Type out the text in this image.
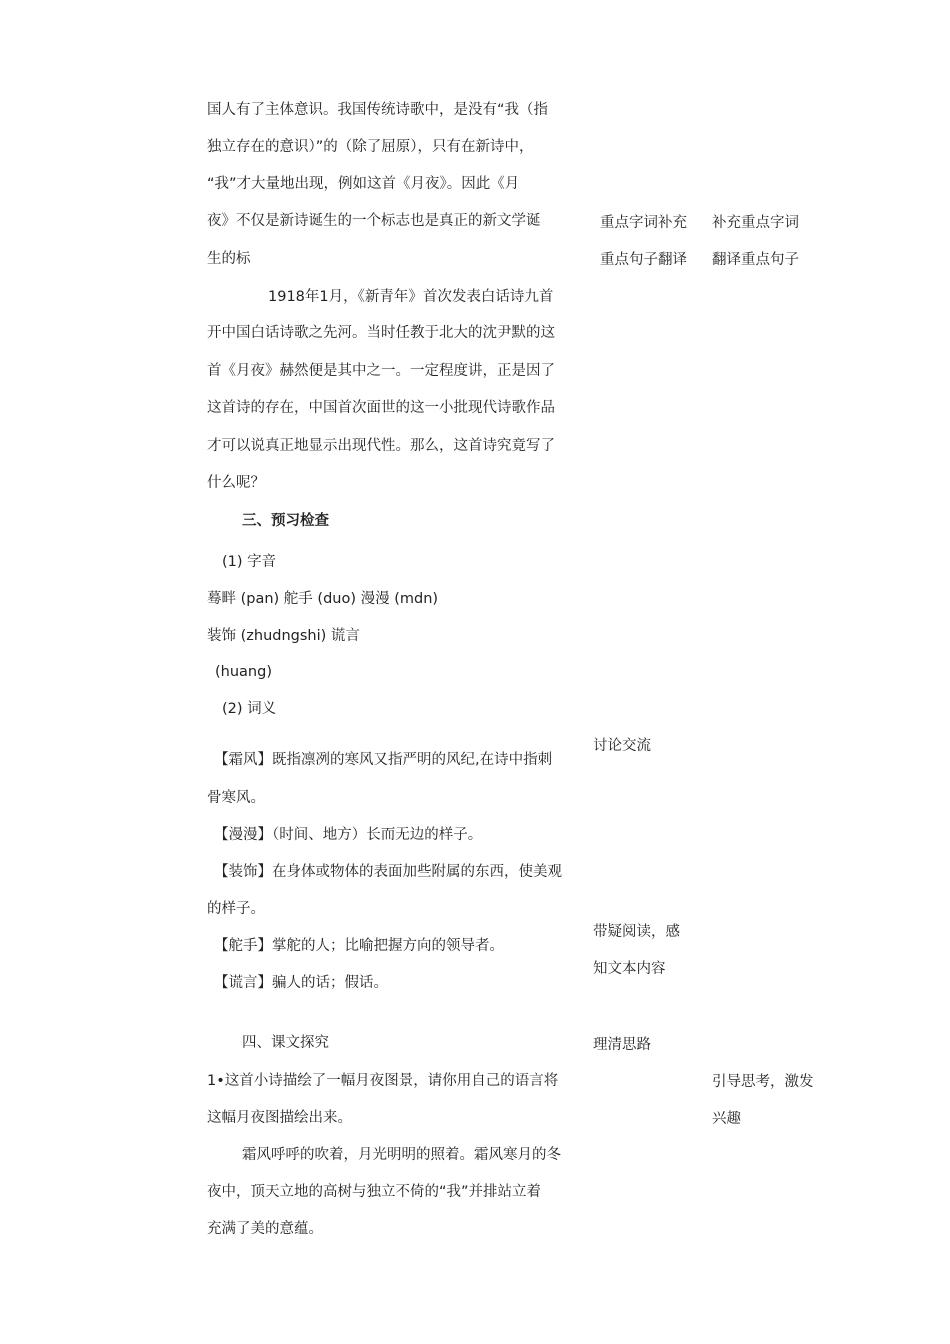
国人有了主体意识。我国传统诗歌中，是没有“我（指
独立存在的意识）”的（除了屈原），只有在新诗中，
“我”才大量地出现，例如这首《月夜》。因此《月
夜》不仅是新诗诞生的一个标志也是真正的新文学诞
生的标
1918年1月，《新青年》首次发表白话诗九首
开中国白话诗歌之先河。当时任教于北大的沈尹默的这
首《月夜》赫然便是其中之一。一定程度讲，正是因了
这首诗的存在，中国首次面世的这一小批现代诗歌作品
才可以说真正地显示出现代性。那么，这首诗究竟写了
什么呢？
三、预习检查
(1) 字音
蓦畔 (pan) 舵手 (duo) 漫漫 (mdn)
装饰 (zhudngshi) 谎言
(huang)
(2) 词义
【霜风】既指凛冽的寒风又指严明的风纪,在诗中指刺
骨寒风。
【漫漫】（时间、地方）长而无边的样子。
【装饰】在身体或物体的表面加些附属的东西，使美观
的样子。
【舵手】掌舵的人；比喻把握方向的领导者。
【谎言】骗人的话；假话。
四、课文探究
1•这首小诗描绘了一幅月夜图景，请你用自己的语言将
这幅月夜图描绘出来。
霜风呼呼的吹着，月光明明的照着。霜风寒月的冬
夜中，顶天立地的高树与独立不倚的“我”并排站立着
充满了美的意蕴。
重点字词补充
重点句子翻译
讨论交流
带疑阅读，感
知文本内容
理清思路
补充重点字词
翻译重点句子
引导思考，激发
兴趣
